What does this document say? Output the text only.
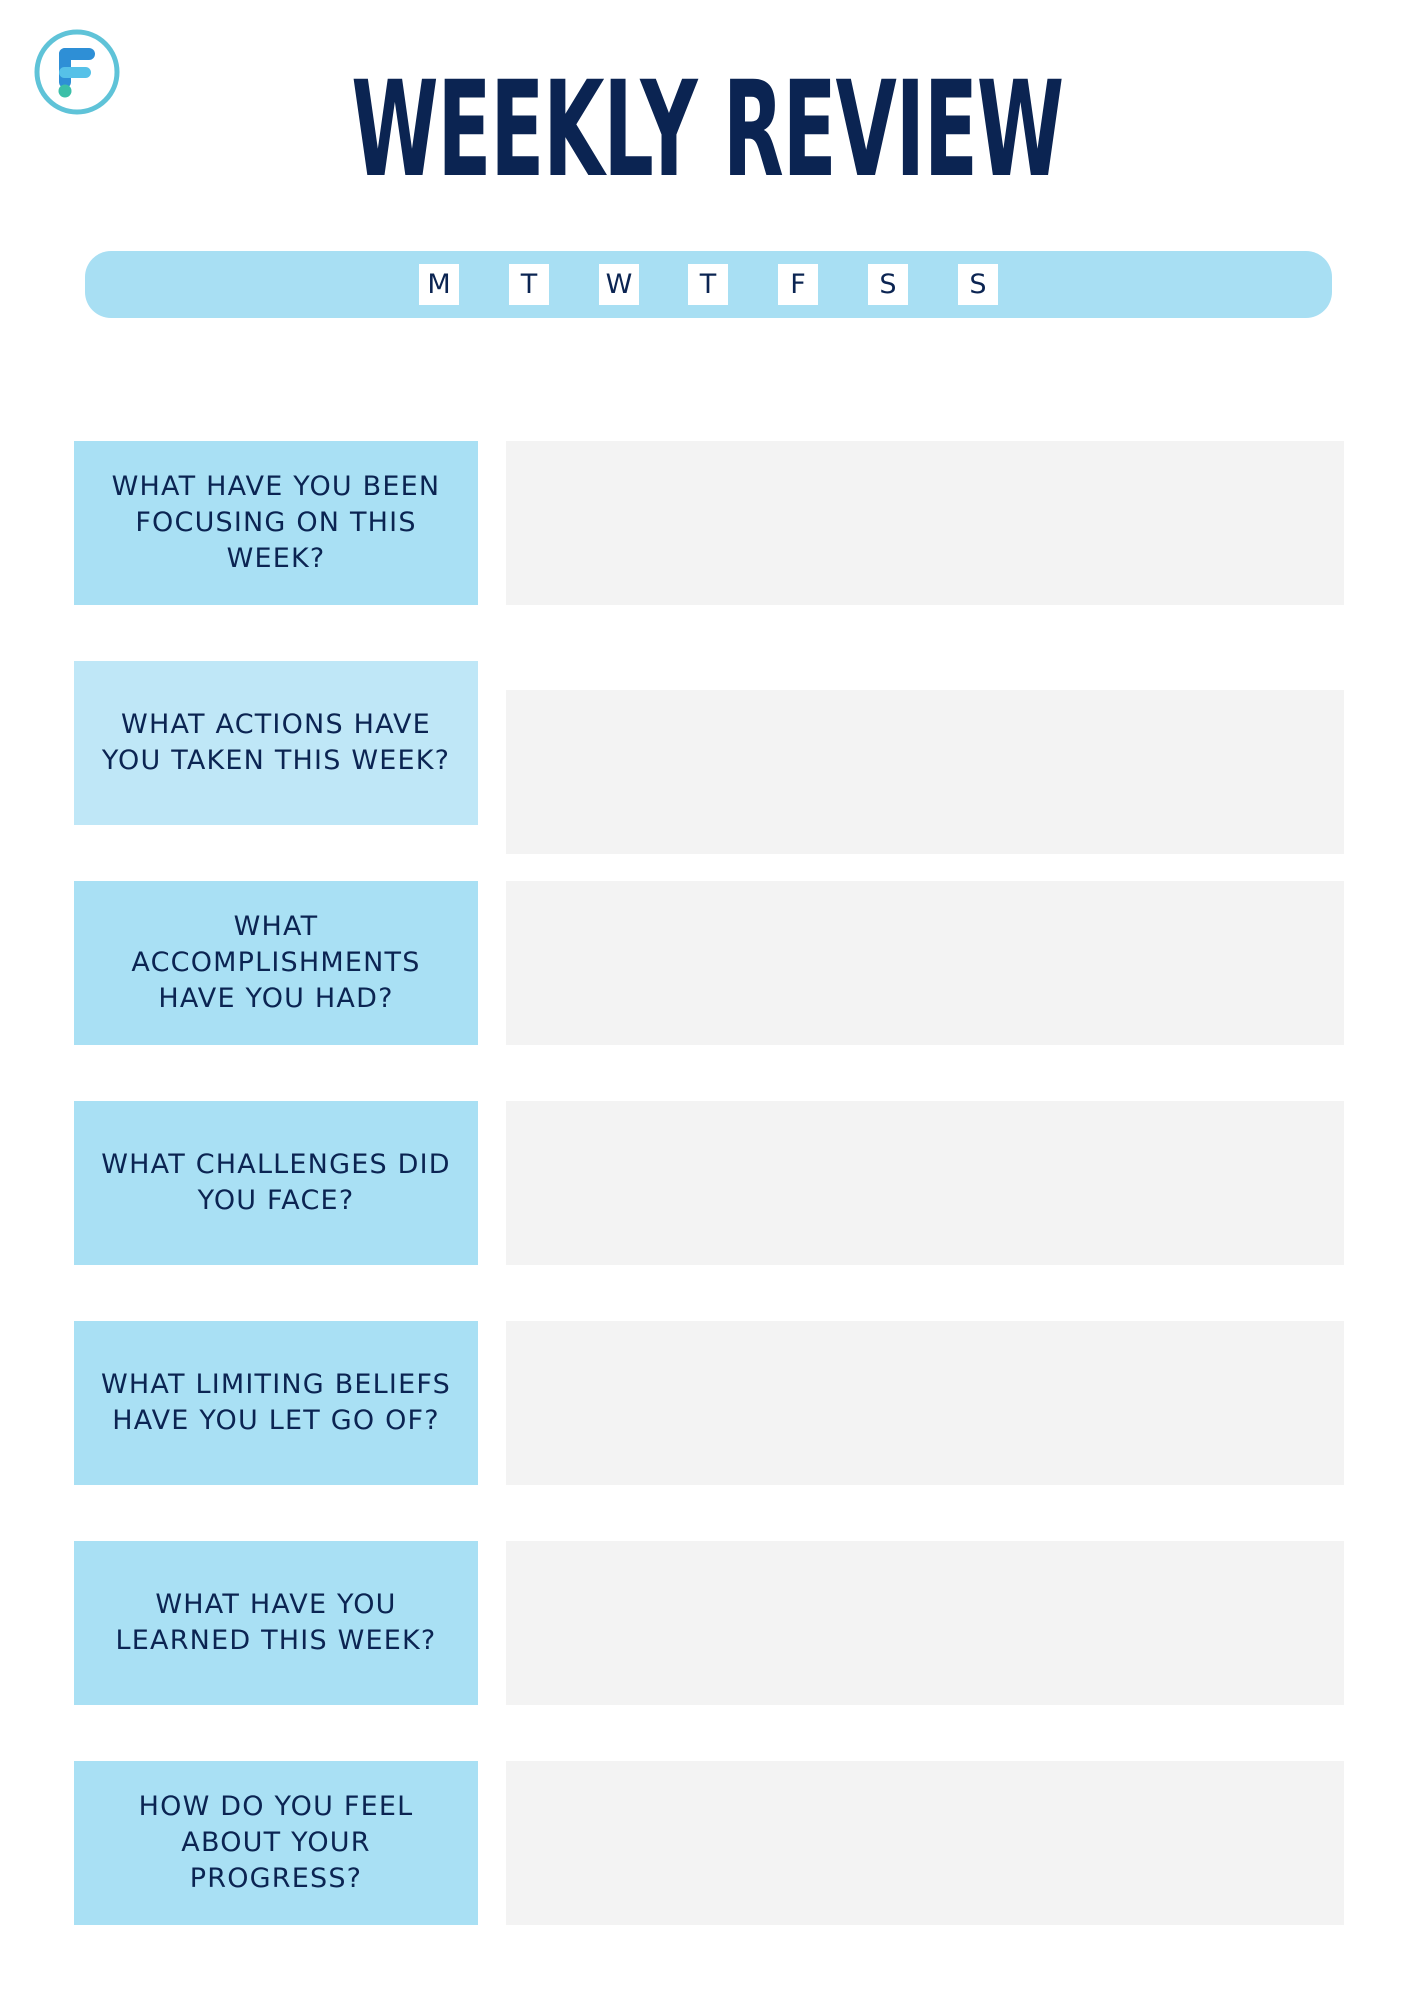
WEEKLY REVIEW
M	T	W	T	F	S	S
WHAT HAVE YOU BEEN FOCUSING ON THIS WEEK?
WHAT ACTIONS HAVE YOU TAKEN THIS WEEK?
WHAT ACCOMPLISHMENTS HAVE YOU HAD?
WHAT CHALLENGES DID YOU FACE?
WHAT LIMITING BELIEFS HAVE YOU LET GO OF?
WHAT HAVE YOU LEARNED THIS WEEK?
HOW DO YOU FEEL ABOUT YOUR PROGRESS?
